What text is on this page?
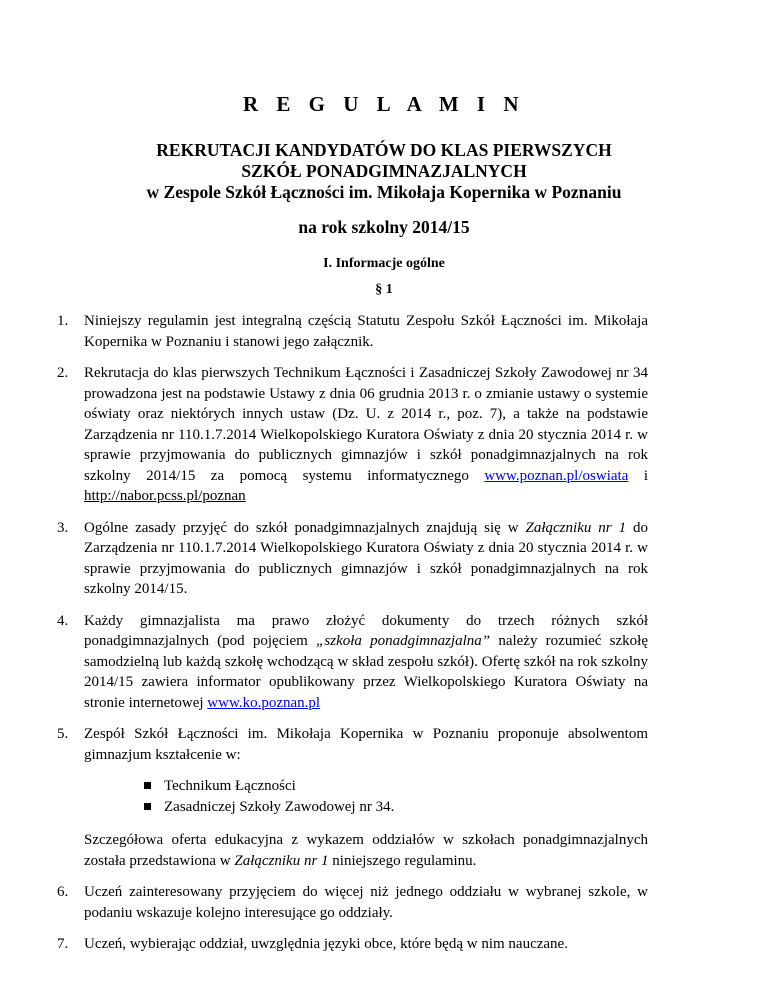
R E G U L A M I N
REKRUTACJI KANDYDATÓW DO KLAS PIERWSZYCH
SZKÓŁ PONADGIMNAZJALNYCH
w Zespole Szkół Łączności im. Mikołaja Kopernika w Poznaniu
na rok szkolny 2014/15
I. Informacje ogólne
§ 1
1. Niniejszy regulamin jest integralną częścią Statutu Zespołu Szkół Łączności im. Mikołaja Kopernika w Poznaniu i stanowi jego załącznik.

2. Rekrutacja do klas pierwszych Technikum Łączności i Zasadniczej Szkoły Zawodowej nr 34 prowadzona jest na podstawie Ustawy z dnia 06 grudnia 2013 r. o zmianie ustawy o systemie oświaty oraz niektórych innych ustaw (Dz. U. z 2014 r., poz. 7), a także na podstawie Zarządzenia nr 110.1.7.2014 Wielkopolskiego Kuratora Oświaty z dnia 20 stycznia 2014 r. w sprawie przyjmowania do publicznych gimnazjów i szkół ponadgimnazjalnych na rok szkolny 2014/15 za pomocą systemu informatycznego www.poznan.pl/oswiata i http://nabor.pcss.pl/poznan

3. Ogólne zasady przyjęć do szkół ponadgimnazjalnych znajdują się w Załączniku nr 1 do Zarządzenia nr 110.1.7.2014 Wielkopolskiego Kuratora Oświaty z dnia 20 stycznia 2014 r. w sprawie przyjmowania do publicznych gimnazjów i szkół ponadgimnazjalnych na rok szkolny 2014/15.

4. Każdy gimnazjalista ma prawo złożyć dokumenty do trzech różnych szkół ponadgimnazjalnych (pod pojęciem „szkoła ponadgimnazjalna” należy rozumieć szkołę samodzielną lub każdą szkołę wchodzącą w skład zespołu szkół). Ofertę szkół na rok szkolny 2014/15 zawiera informator opublikowany przez Wielkopolskiego Kuratora Oświaty na stronie internetowej www.ko.poznan.pl

5. Zespół Szkół Łączności im. Mikołaja Kopernika w Poznaniu proponuje absolwentom gimnazjum kształcenie w:

Technikum Łączności
Zasadniczej Szkoły Zawodowej nr 34.

Szczegółowa oferta edukacyjna z wykazem oddziałów w szkołach ponadgimnazjalnych została przedstawiona w Załączniku nr 1 niniejszego regulaminu.

6. Uczeń zainteresowany przyjęciem do więcej niż jednego oddziału w wybranej szkole, w podaniu wskazuje kolejno interesujące go oddziały.

7. Uczeń, wybierając oddział, uwzględnia języki obce, które będą w nim nauczane.
